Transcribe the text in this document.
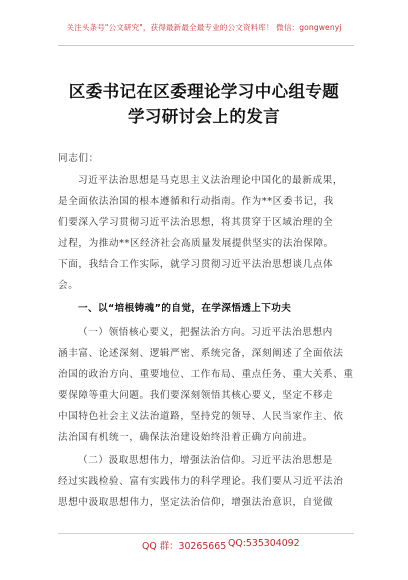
关注头条号"公文研究"，获得最新最全最专业的公文资料库！ 微信：gongwenyj
区委书记在区委理论学习中心组专题
学习研讨会上的发言
同志们：
习近平法治思想是马克思主义法治理论中国化的最新成果，
是全面依法治国的根本遵循和行动指南。作为**区委书记，我
们要深入学习贯彻习近平法治思想，将其贯穿于区域治理的全
过程，为推动**区经济社会高质量发展提供坚实的法治保障。
下面，我结合工作实际，就学习贯彻习近平法治思想谈几点体
会。
一、以“培根铸魂”的自觉，在学深悟透上下功夫
（一）领悟核心要义，把握法治方向。习近平法治思想内
涵丰富、论述深刻、逻辑严密、系统完备，深刻阐述了全面依法
治国的政治方向、重要地位、工作布局、重点任务、重大关系、重
要保障等重大问题。我们要深刻领悟其核心要义，坚定不移走
中国特色社会主义法治道路，坚持党的领导、人民当家作主、依
法治国有机统一，确保法治建设始终沿着正确方向前进。
（二）汲取思想伟力，增强法治信仰。习近平法治思想是
经过实践检验、富有实践伟力的科学理论。我们要从习近平法治
思想中汲取思想伟力，坚定法治信仰，增强法治意识，自觉做
QQ 群：30265665 QQ:535304092
